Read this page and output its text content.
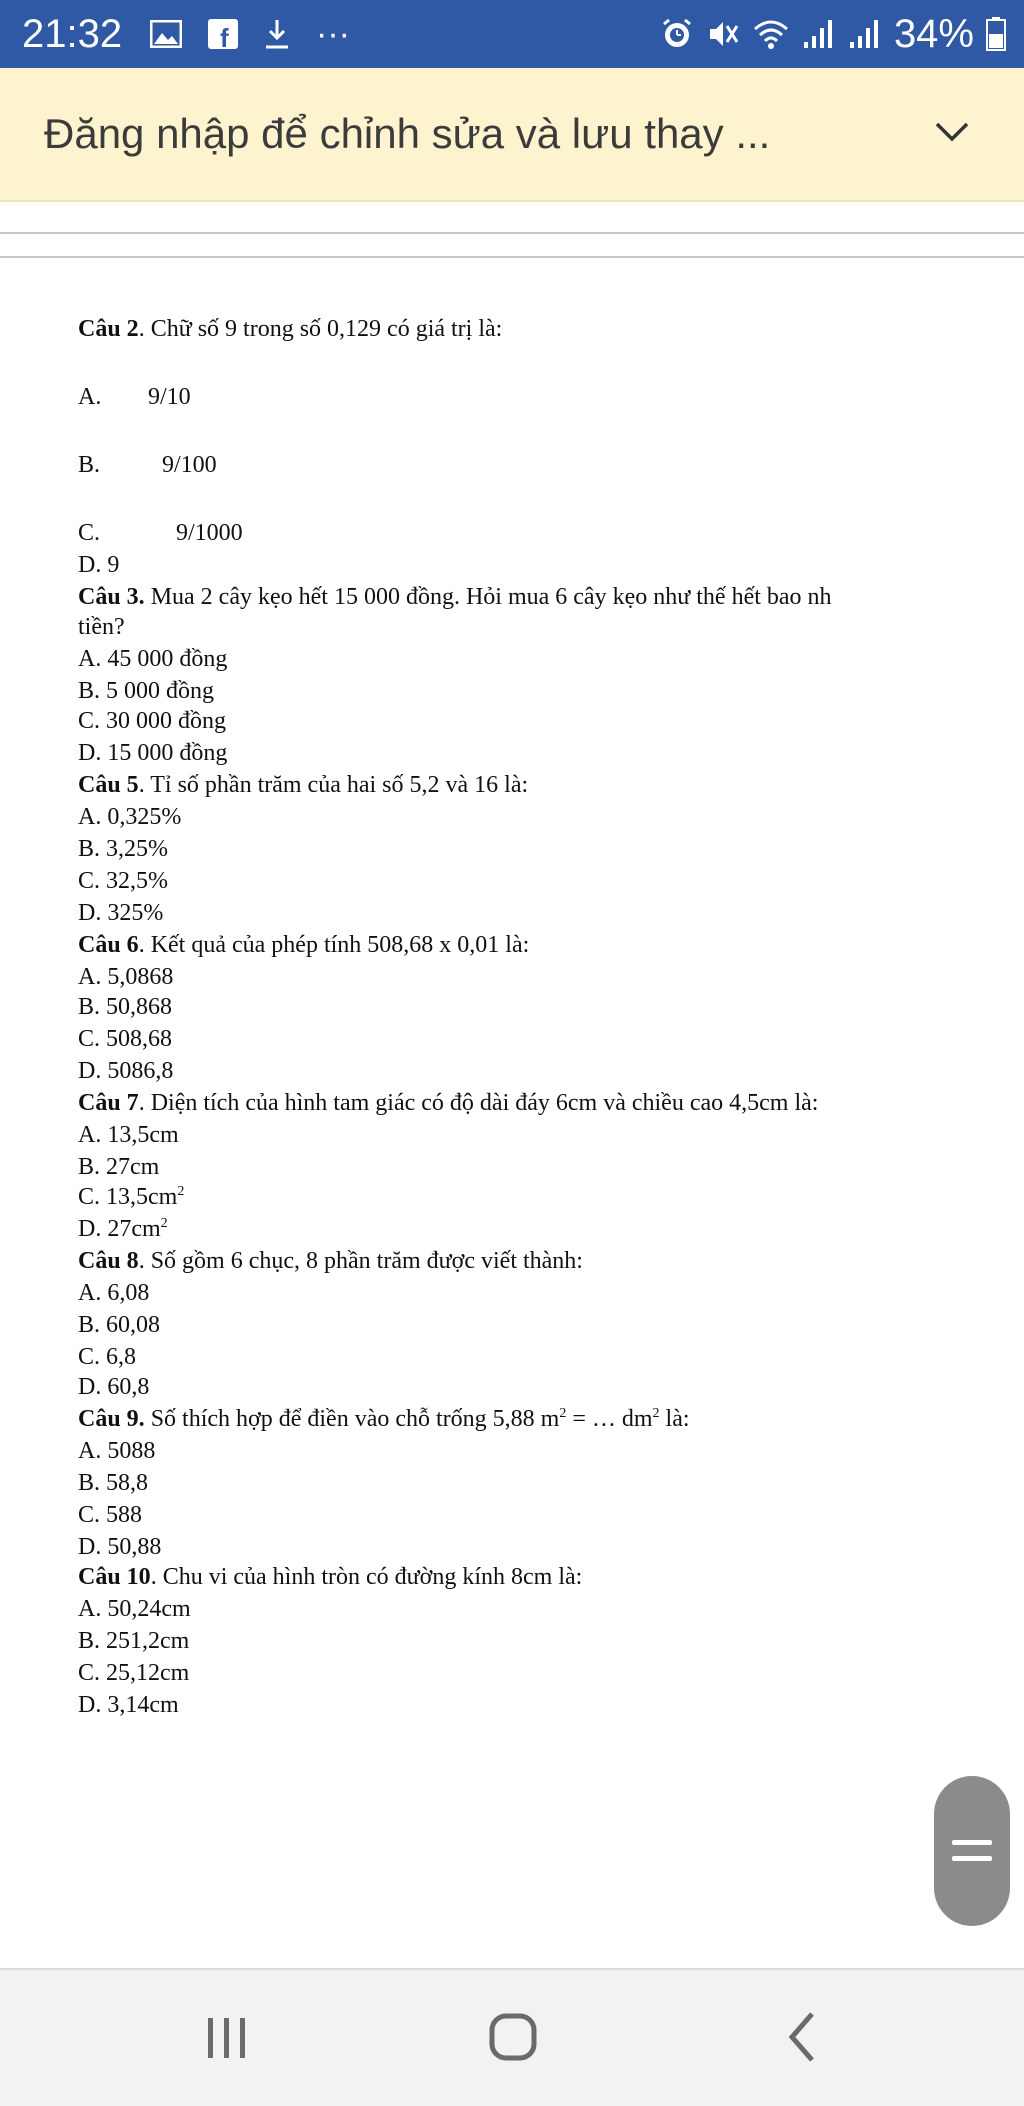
21:32	f	···	34%
Đăng nhập để chỉnh sửa và lưu thay ...
Câu 2. Chữ số 9 trong số 0,129 có giá trị là:
A. 9/10
B.	9/100
C.	9/1000
D. 9
Câu 3. Mua 2 cây kẹo hết 15 000 đồng. Hỏi mua 6 cây kẹo như thế hết bao nh
tiền?
A. 45 000 đồng
B. 5 000 đồng
C. 30 000 đồng
D. 15 000 đồng
Câu 5. Tỉ số phần trăm của hai số 5,2 và 16 là:
A. 0,325%
B. 3,25%
C. 32,5%
D. 325%
Câu 6. Kết quả của phép tính 508,68 x 0,01 là:
A. 5,0868
B. 50,868
C. 508,68
D. 5086,8
Câu 7. Diện tích của hình tam giác có độ dài đáy 6cm và chiều cao 4,5cm là:
A. 13,5cm
B. 27cm
C. $13,5cm^2$
D. $27cm^2$
Câu 8. Số gồm 6 chục, 8 phần trăm được viết thành:
A. 6,08
B. 60,08
C. 6,8
D. 60,8
Câu 9. Số thích hợp để điền vào chỗ trống 5,88 $m^2$ = … $dm^2$ là:
A. 5088
B. 58,8
C. 588
D. 50,88
Câu 10. Chu vi của hình tròn có đường kính 8cm là:
A. 50,24cm
B. 251,2cm
C. 25,12cm
D. 3,14cm
